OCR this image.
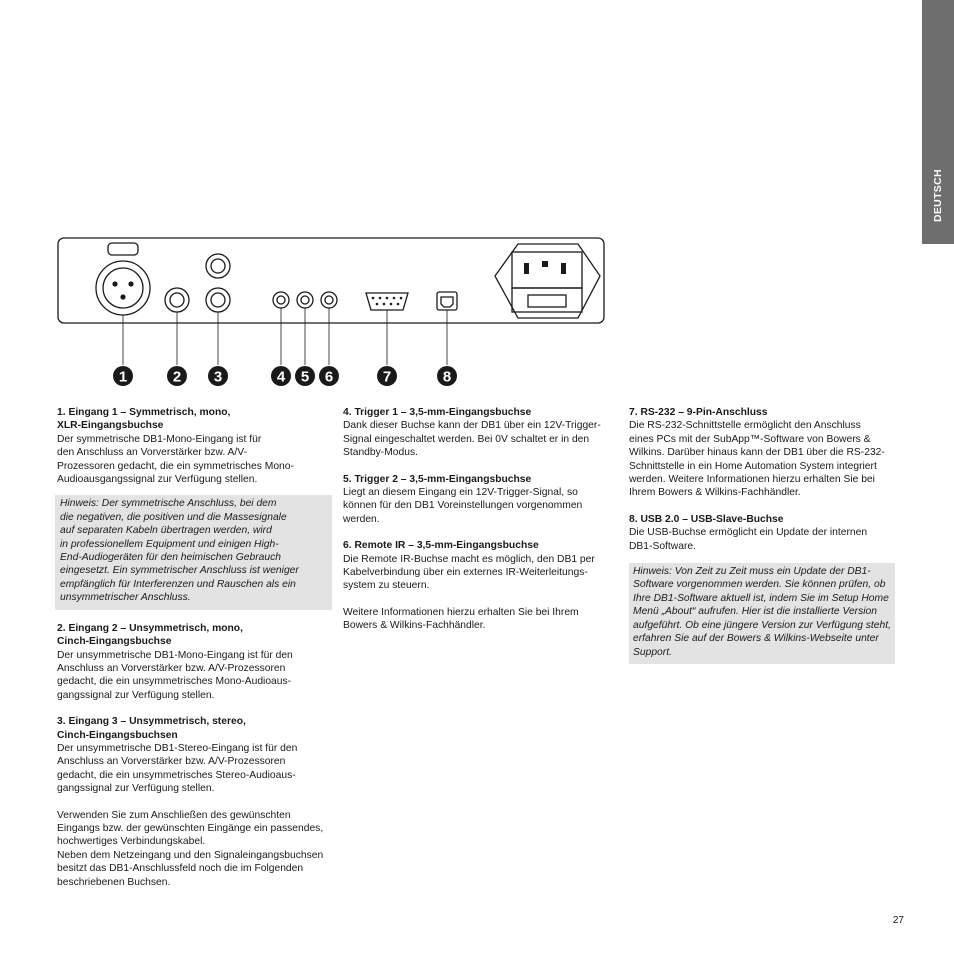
DEUTSCH
1	2 3	4 5 6	7	8

1. Eingang 1 – Symmetrisch, mono,

XLR-Eingangsbuchse

Der symmetrische DB1-Mono-Eingang ist für

den Anschluss an Vorverstärker bzw. A/V-

Prozessoren gedacht, die ein symmetrisches Mono-

Audioausgangssignal zur Verfügung stellen.

Hinweis: Der symmetrische Anschluss, bei dem

die negativen, die positiven und die Massesignale

auf separaten Kabeln übertragen werden, wird

in professionellem Equipment und einigen High-

End-Audiogeräten für den heimischen Gebrauch

eingesetzt. Ein symmetrischer Anschluss ist weniger

empfänglich für Interferenzen und Rauschen als ein

unsymmetrischer Anschluss.

2. Eingang 2 – Unsymmetrisch, mono,

Cinch-Eingangsbuchse

Der unsymmetrische DB1-Mono-Eingang ist für den

Anschluss an Vorverstärker bzw. A/V-Prozessoren

gedacht, die ein unsymmetrisches Mono-Audioaus-

gangssignal zur Verfügung stellen.

3. Eingang 3 – Unsymmetrisch, stereo,

Cinch-Eingangsbuchsen

Der unsymmetrische DB1-Stereo-Eingang ist für den

Anschluss an Vorverstärker bzw. A/V-Prozessoren

gedacht, die ein unsymmetrisches Stereo-Audioaus-

gangssignal zur Verfügung stellen.

Verwenden Sie zum Anschließen des gewünschten

Eingangs bzw. der gewünschten Eingänge ein passendes,

hochwertiges Verbindungskabel.

Neben dem Netzeingang und den Signaleingangsbuchsen

besitzt das DB1-Anschlussfeld noch die im Folgenden

beschriebenen Buchsen.

4. Trigger 1 – 3,5-mm-Eingangsbuchse

Dank dieser Buchse kann der DB1 über ein 12V-Trigger-

Signal eingeschaltet werden. Bei 0V schaltet er in den

Standby-Modus.

5. Trigger 2 – 3,5-mm-Eingangsbuchse

Liegt an diesem Eingang ein 12V-Trigger-Signal, so

können für den DB1 Voreinstellungen vorgenommen

werden.

6. Remote IR – 3,5-mm-Eingangsbuchse

Die Remote IR-Buchse macht es möglich, den DB1 per

Kabelverbindung über ein externes IR-Weiterleitungs-

system zu steuern.

Weitere Informationen hierzu erhalten Sie bei Ihrem

Bowers & Wilkins-Fachhändler.

7. RS-232 – 9-Pin-Anschluss

Die RS-232-Schnittstelle ermöglicht den Anschluss

eines PCs mit der SubApp™-Software von Bowers &

Wilkins. Darüber hinaus kann der DB1 über die RS-232-

Schnittstelle in ein Home Automation System integriert

werden. Weitere Informationen hierzu erhalten Sie bei

Ihrem Bowers & Wilkins-Fachhändler.

8. USB 2.0 – USB-Slave-Buchse

Die USB-Buchse ermöglicht ein Update der internen

DB1-Software.

Hinweis: Von Zeit zu Zeit muss ein Update der DB1-

Software vorgenommen werden. Sie können prüfen, ob

Ihre DB1-Software aktuell ist, indem Sie im Setup Home

Menü „About“ aufrufen. Hier ist die installierte Version

aufgeführt. Ob eine jüngere Version zur Verfügung steht,

erfahren Sie auf der Bowers & Wilkins-Webseite unter

Support.

27
